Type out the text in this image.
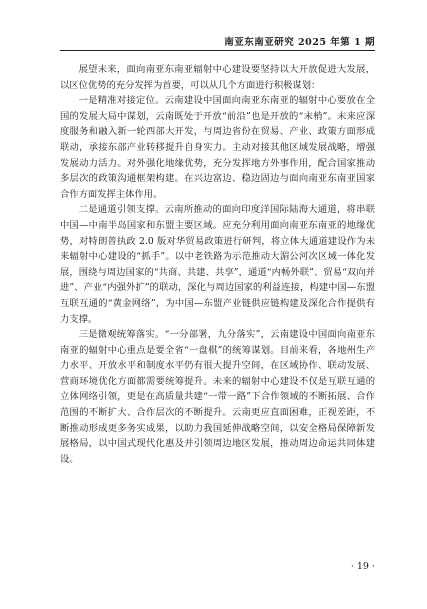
南亚东南亚研究 2025 年第 1 期

展望未来，面向南亚东南亚辐射中心建设要坚持以大开放促进大发展，以区位优势的充分发挥为首要，可以从几个方面进行积极谋划：

一是精准对接定位。云南建设中国面向南亚东南亚的辐射中心要放在全国的发展大局中谋划，云南既处于开放“前沿”也是开放的“末梢”。未来应深度服务和融入新一轮西部大开发，与周边省份在贸易、产业、政策方面形成联动，承接东部产业转移提升自身实力。主动对接其他区域发展战略，增强发展动力活力。对外强化地缘优势，充分发挥地方外事作用，配合国家推动多层次的政策沟通框架构建。在兴边富边、稳边固边与面向南亚东南亚国家合作方面发挥主体作用。

二是通道引领支撑。云南所推动的面向印度洋国际陆海大通道，将串联中国—中南半岛国家和东盟主要区域。应充分利用面向南亚东南亚的地缘优势，对特朗普执政 2.0 版对华贸易政策进行研判，将立体大通道建设作为未来辐射中心建设的“抓手”。以中老铁路为示范推动大湄公河次区域一体化发展，围绕与周边国家的“共商、共建、共享”，通道“内畅外联”、贸易“双向并进”、产业“内强外扩”的联动，深化与周边国家的利益连接，构建中国—东盟互联互通的“黄金网络”，为中国—东盟产业链供应链构建及深化合作提供有力支撑。

三是微观统筹落实。“一分部署，九分落实”，云南建设中国面向南亚东南亚的辐射中心重点是要全省“一盘棋”的统筹谋划。目前来看，各地州生产力水平、开放水平和制度水平仍有很大提升空间，在区域协作、联动发展、营商环境优化方面都需要统筹提升。未来的辐射中心建设不仅是互联互通的立体网络引领，更是在高质量共建“一带一路”下合作领域的不断拓展、合作范围的不断扩大、合作层次的不断提升。云南更应直面困难，正视差距，不断推动形成更多务实成果，以助力我国延伸战略空间，以安全格局保障新发展格局，以中国式现代化惠及并引领周边地区发展，推动周边命运共同体建设。

· 19 ·
